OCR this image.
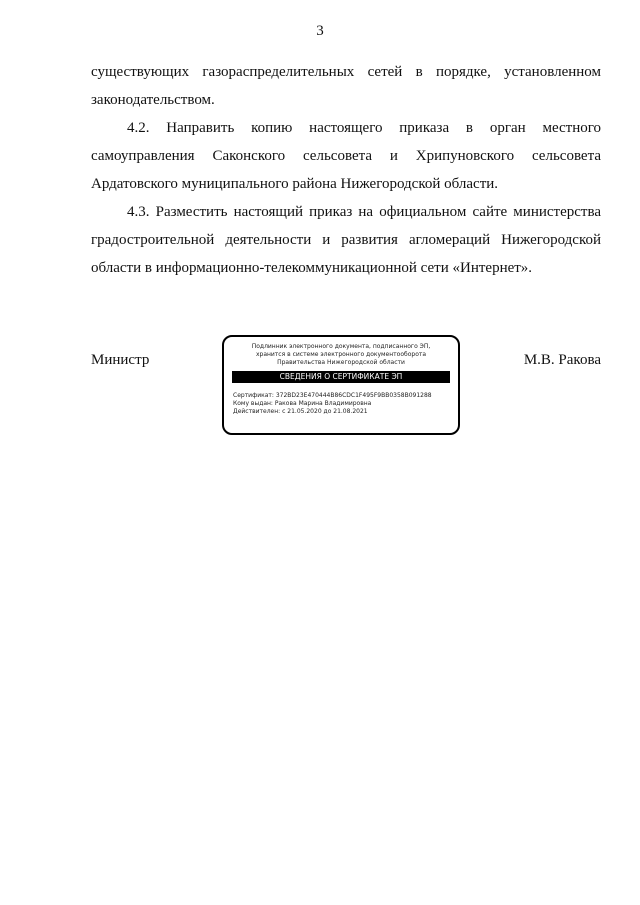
3

существующих газораспределительных сетей в порядке, установленном законодательством.

4.2. Направить копию настоящего приказа в орган местного самоуправления Саконского сельсовета и Хрипуновского сельсовета Ардатовского муниципального района Нижегородской области.

4.3. Разместить настоящий приказ на официальном сайте министерства градостроительной деятельности и развития агломераций Нижегородской области в информационно-телекоммуникационной сети «Интернет».

Министр
Подлинник электронного документа, подписанного ЭП,
хранится в системе электронного документооборота
Правительства Нижегородской области
СВЕДЕНИЯ О СЕРТИФИКАТЕ ЭП
Сертификат: 372BD23E470444B86CDC1F495F9BB0358B091288
Кому выдан: Ракова Марина Владимировна
Действителен: с 21.05.2020 до 21.08.2021
М.В. Ракова
